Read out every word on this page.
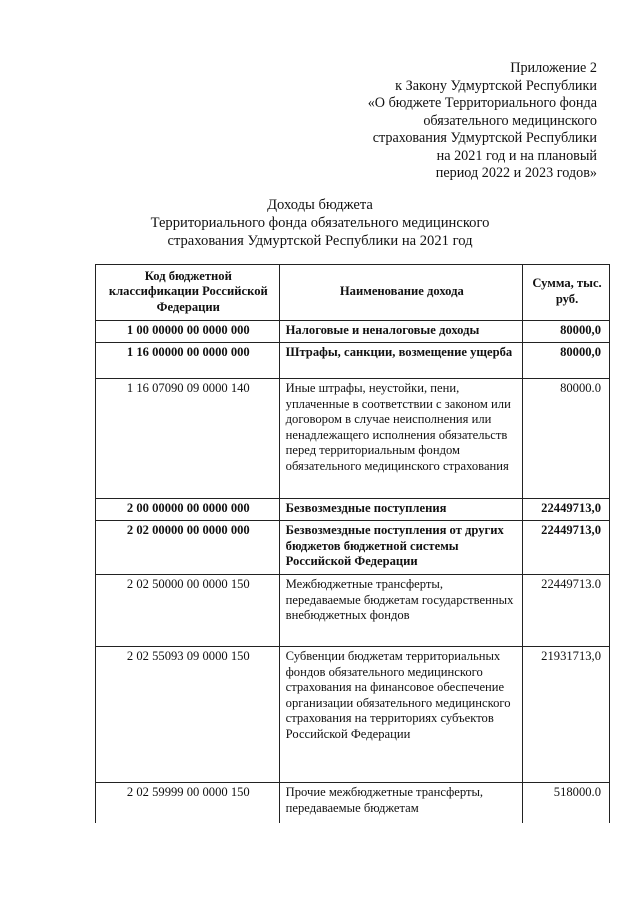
Приложение 2
к Закону Удмуртской Республики
«О бюджете Территориального фонда
обязательного медицинского
страхования Удмуртской Республики
на 2021 год и на плановый
период 2022 и 2023 годов»
Доходы бюджета
Территориального фонда обязательного медицинского
страхования Удмуртской Республики на 2021 год
Код бюджетной классификации Российской Федерации	Наименование дохода	Сумма, тыс. руб.
1 00 00000 00 0000 000	Налоговые и неналоговые доходы	80000,0
1 16 00000 00 0000 000	Штрафы, санкции, возмещение ущерба	80000,0
1 16 07090 09 0000 140	Иные штрафы, неустойки, пени, уплаченные в соответствии с законом или договором в случае неисполнения или ненадлежащего исполнения обязательств перед территориальным фондом обязательного медицинского страхования	80000.0
2 00 00000 00 0000 000	Безвозмездные поступления	22449713,0
2 02 00000 00 0000 000	Безвозмездные поступления от других бюджетов бюджетной системы Российской Федерации	22449713,0
2 02 50000 00 0000 150	Межбюджетные трансферты, передаваемые бюджетам государственных внебюджетных фондов	22449713.0
2 02 55093 09 0000 150	Субвенции бюджетам территориальных фондов обязательного медицинского страхования на финансовое обеспечение организации обязательного медицинского страхования на территориях субъектов Российской Федерации	21931713,0
2 02 59999 00 0000 150	Прочие межбюджетные трансферты, передаваемые бюджетам	518000.0
